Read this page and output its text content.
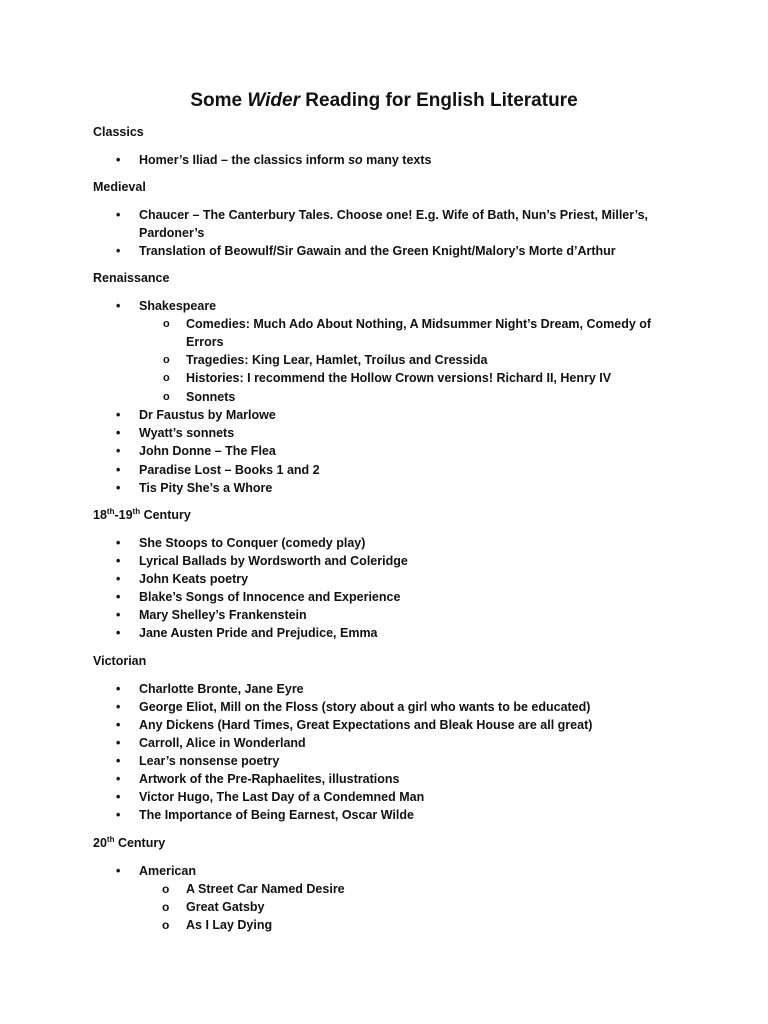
Some Wider Reading for English Literature
Classics
• Homer’s Iliad – the classics inform so many texts
Medieval
• Chaucer – The Canterbury Tales. Choose one! E.g. Wife of Bath, Nun’s Priest, Miller’s, Pardoner’s
• Translation of Beowulf/Sir Gawain and the Green Knight/Malory’s Morte d’Arthur
Renaissance
• Shakespeare
o Comedies: Much Ado About Nothing, A Midsummer Night’s Dream, Comedy of Errors
o Tragedies: King Lear, Hamlet, Troilus and Cressida
o Histories: I recommend the Hollow Crown versions! Richard II, Henry IV
o Sonnets
• Dr Faustus by Marlowe
• Wyatt’s sonnets
• John Donne – The Flea
• Paradise Lost – Books 1 and 2
• Tis Pity She’s a Whore
18th-19th Century
• She Stoops to Conquer (comedy play)
• Lyrical Ballads by Wordsworth and Coleridge
• John Keats poetry
• Blake’s Songs of Innocence and Experience
• Mary Shelley’s Frankenstein
• Jane Austen Pride and Prejudice, Emma
Victorian
• Charlotte Bronte, Jane Eyre
• George Eliot, Mill on the Floss (story about a girl who wants to be educated)
• Any Dickens (Hard Times, Great Expectations and Bleak House are all great)
• Carroll, Alice in Wonderland
• Lear’s nonsense poetry
• Artwork of the Pre-Raphaelites, illustrations
• Victor Hugo, The Last Day of a Condemned Man
• The Importance of Being Earnest, Oscar Wilde
20th Century
• American
o A Street Car Named Desire
o Great Gatsby
o As I Lay Dying
